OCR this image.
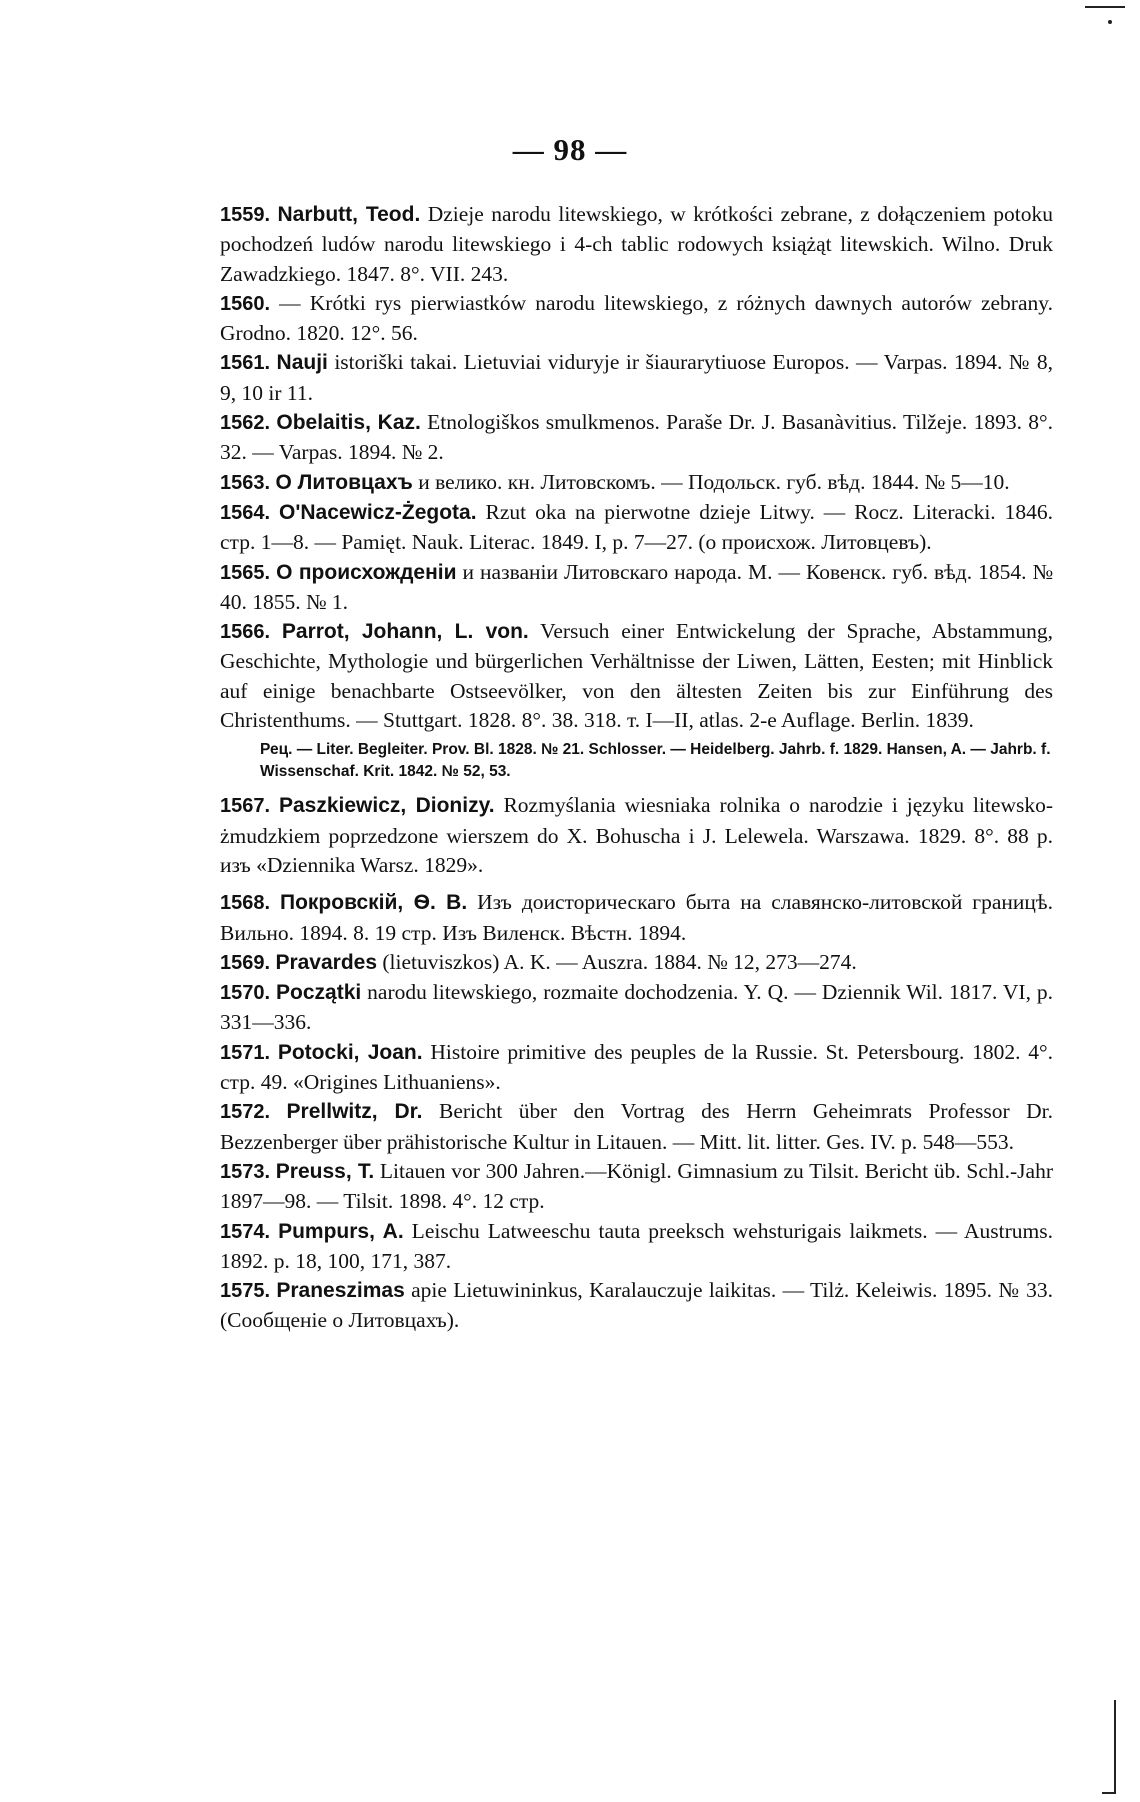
— 98 —

1559. Narbutt, Teod. Dzieje narodu litewskiego, w krótkości zebrane, z dołączeniem potoku pochodzeń ludów narodu litewskiego i 4-ch tablic rodowych książąt litewskich. Wilno. Druk Zawadzkiego. 1847. 8°. VII. 243.

1560. — Krótki rys pierwiastków narodu litewskiego, z różnych dawnych autorów zebrany. Grodno. 1820. 12°. 56.

1561. Nauji istoriški takai. Lietuviai viduryje ir šiaurarytiuose Europos. — Varpas. 1894. № 8, 9, 10 ir 11.

1562. Obelaitis, Kaz. Etnologiškos smulkmenos. Paraše Dr. J. Basanàvitius. Tilžeje. 1893. 8°. 32. — Varpas. 1894. № 2.

1563. О Литовцахъ и велико. кн. Литовскомъ. — Подольск. губ. вѣд. 1844. № 5—10.

1564. O'Nacewicz-Żegota. Rzut oka na pierwotne dzieje Litwy. — Rocz. Literacki. 1846. стр. 1—8. — Pamięt. Nauk. Literac. 1849. I, p. 7—27. (о происхож. Литовцевъ).

1565. О происхожденіи и названіи Литовскаго народа. М. — Ковенск. губ. вѣд. 1854. № 40. 1855. № 1.

1566. Parrot, Johann, L. von. Versuch einer Entwickelung der Sprache, Abstammung, Geschichte, Mythologie und bürgerlichen Verhältnisse der Liwen, Lätten, Eesten; mit Hinblick auf einige benachbarte Ostseevölker, von den ältesten Zeiten bis zur Einführung des Christenthums. — Stuttgart. 1828. 8°. 38. 318. т. I—II, atlas. 2-e Auflage. Berlin. 1839.

Рец. — Liter. Begleiter. Prov. Bl. 1828. № 21. Schlosser. — Heidelberg. Jahrb. f. 1829. Hansen, A. — Jahrb. f. Wissenschaf. Krit. 1842. № 52, 53.

1567. Paszkiewicz, Dionizy. Rozmyślania wiesniaka rolnika o narodzie i języku litewsko-żmudzkiem poprzedzone wierszem do X. Bohuscha i J. Lelewela. Warszawa. 1829. 8°. 88 p. изъ «Dziennika Warsz. 1829».

1568. Покровскій, Ѳ. В. Изъ доисторическаго быта на славянско-литовской границѣ. Вильно. 1894. 8. 19 стр. Изъ Виленск. Вѣстн. 1894.

1569. Pravardes (lietuviszkos) A. K. — Auszra. 1884. № 12, 273—274.

1570. Początki narodu litewskiego, rozmaite dochodzenia. Y. Q. — Dziennik Wil. 1817. VI, p. 331—336.

1571. Potocki, Joan. Histoire primitive des peuples de la Russie. St. Petersbourg. 1802. 4°. стр. 49. «Origines Lithuaniens».

1572. Prellwitz, Dr. Bericht über den Vortrag des Herrn Geheimrats Professor Dr. Bezzenberger über prähistorische Kultur in Litauen. — Mitt. lit. litter. Ges. IV. p. 548—553.

1573. Preuss, T. Litauen vor 300 Jahren.—Königl. Gimnasium zu Tilsit. Bericht üb. Schl.-Jahr 1897—98. — Tilsit. 1898. 4°. 12 стр.

1574. Pumpurs, A. Leischu Latweeschu tauta preeksch wehsturigais laikmets. — Austrums. 1892. p. 18, 100, 171, 387.

1575. Praneszimas apie Lietuwininkus, Karalauczuje laikitas. — Tilż. Keleiwis. 1895. № 33. (Сообщеніе о Литовцахъ).
